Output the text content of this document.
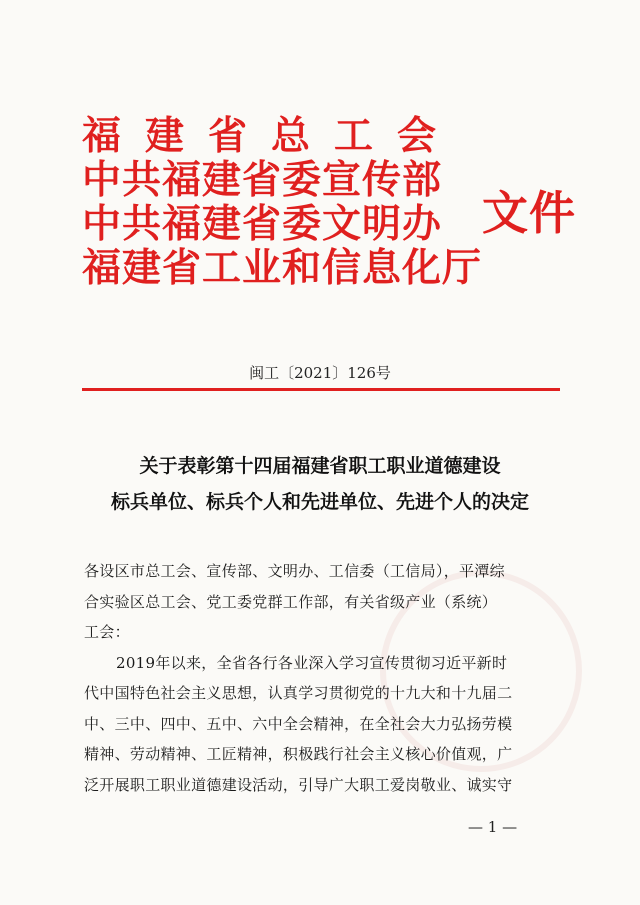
福建省总工会
中共福建省委宣传部
中共福建省委文明办
福建省工业和信息化厅
文件
闽工〔2021〕126号
关于表彰第十四届福建省职工职业道德建设
标兵单位、标兵个人和先进单位、先进个人的决定
各设区市总工会、宣传部、文明办、工信委（工信局），平潭综
合实验区总工会、党工委党群工作部，有关省级产业（系统）
工会：
2019年以来，全省各行各业深入学习宣传贯彻习近平新时
代中国特色社会主义思想，认真学习贯彻党的十九大和十九届二
中、三中、四中、五中、六中全会精神，在全社会大力弘扬劳模
精神、劳动精神、工匠精神，积极践行社会主义核心价值观，广
泛开展职工职业道德建设活动，引导广大职工爱岗敬业、诚实守
— 1 —
